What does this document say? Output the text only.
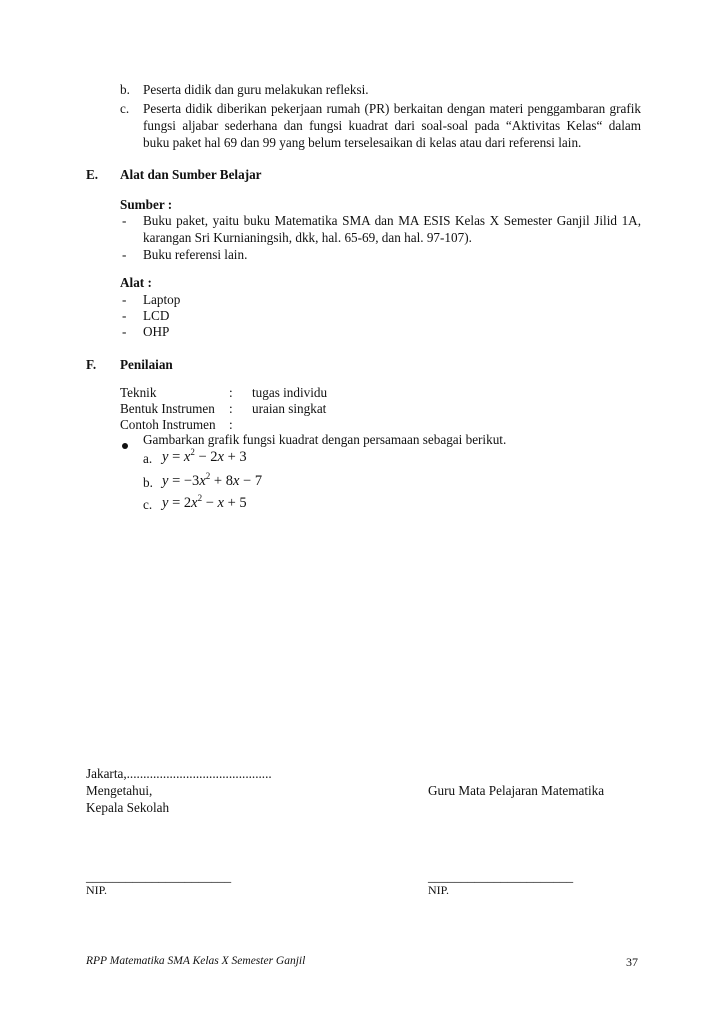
b. Peserta didik dan guru melakukan refleksi.
c. Peserta didik diberikan pekerjaan rumah (PR) berkaitan dengan materi penggambaran grafik
fungsi aljabar sederhana dan fungsi kuadrat dari soal-soal pada “Aktivitas Kelas“ dalam
buku paket hal 69 dan 99 yang belum terselesaikan di kelas atau dari referensi lain.
E. Alat dan Sumber Belajar
Sumber :
- Buku paket, yaitu buku Matematika SMA dan MA ESIS Kelas X Semester Ganjil Jilid 1A,
karangan Sri Kurnianingsih, dkk, hal. 65-69, dan hal. 97-107).
- Buku referensi lain.
Alat :
- Laptop
- LCD
- OHP
F. Penilaian
Teknik	: tugas individu
Bentuk Instrumen : uraian singkat
Contoh Instrumen :
Gambarkan grafik fungsi kuadrat dengan persamaan sebagai berikut.
a. $y = x^2 - 2x + 3$
b. $y = -3x^2 + 8x - 7$
c. $y = 2x^2 - x + 5$
Jakarta,............................................
Mengetahui,	Guru Mata Pelajaran Matematika
Kepala Sekolah
______________________	______________________
NIP.	NIP.
RPP Matematika SMA Kelas X Semester Ganjil	37
